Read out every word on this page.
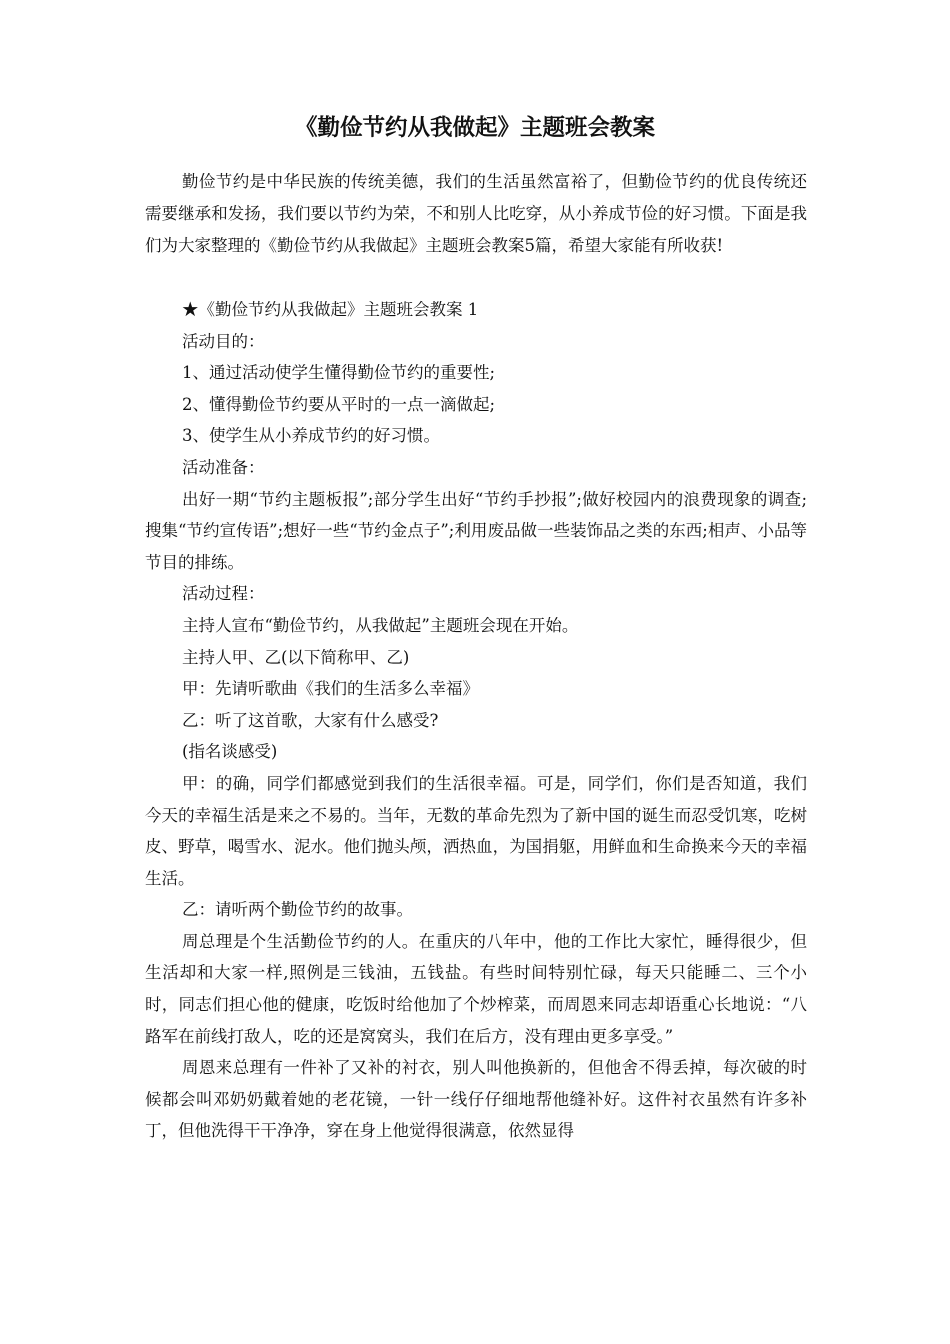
《勤俭节约从我做起》主题班会教案

勤俭节约是中华民族的传统美德，我们的生活虽然富裕了，但勤俭节约的优良传统还需要继承和发扬，我们要以节约为荣，不和别人比吃穿，从小养成节俭的好习惯。下面是我们为大家整理的《勤俭节约从我做起》主题班会教案5篇，希望大家能有所收获!

★《勤俭节约从我做起》主题班会教案 1

活动目的：

1、通过活动使学生懂得勤俭节约的重要性;

2、懂得勤俭节约要从平时的一点一滴做起;

3、使学生从小养成节约的好习惯。

活动准备：

出好一期“节约主题板报”;部分学生出好“节约手抄报”;做好校园内的浪费现象的调查;搜集“节约宣传语”;想好一些“节约金点子”;利用废品做一些装饰品之类的东西;相声、小品等节目的排练。

活动过程：

主持人宣布“勤俭节约，从我做起”主题班会现在开始。

主持人甲、乙(以下简称甲、乙)

甲：先请听歌曲《我们的生活多么幸福》

乙：听了这首歌，大家有什么感受?

(指名谈感受)

甲：的确，同学们都感觉到我们的生活很幸福。可是，同学们，你们是否知道，我们今天的幸福生活是来之不易的。当年，无数的革命先烈为了新中国的诞生而忍受饥寒，吃树皮、野草，喝雪水、泥水。他们抛头颅，洒热血，为国捐躯，用鲜血和生命换来今天的幸福生活。

乙：请听两个勤俭节约的故事。

周总理是个生活勤俭节约的人。在重庆的八年中，他的工作比大家忙，睡得很少，但生活却和大家一样,照例是三钱油，五钱盐。有些时间特别忙碌，每天只能睡二、三个小时，同志们担心他的健康，吃饭时给他加了个炒榨菜，而周恩来同志却语重心长地说：“八路军在前线打敌人，吃的还是窝窝头，我们在后方，没有理由更多享受。”

周恩来总理有一件补了又补的衬衣，别人叫他换新的，但他舍不得丢掉，每次破的时候都会叫邓奶奶戴着她的老花镜，一针一线仔仔细地帮他缝补好。这件衬衣虽然有许多补丁，但他洗得干干净净，穿在身上他觉得很满意，依然显得
